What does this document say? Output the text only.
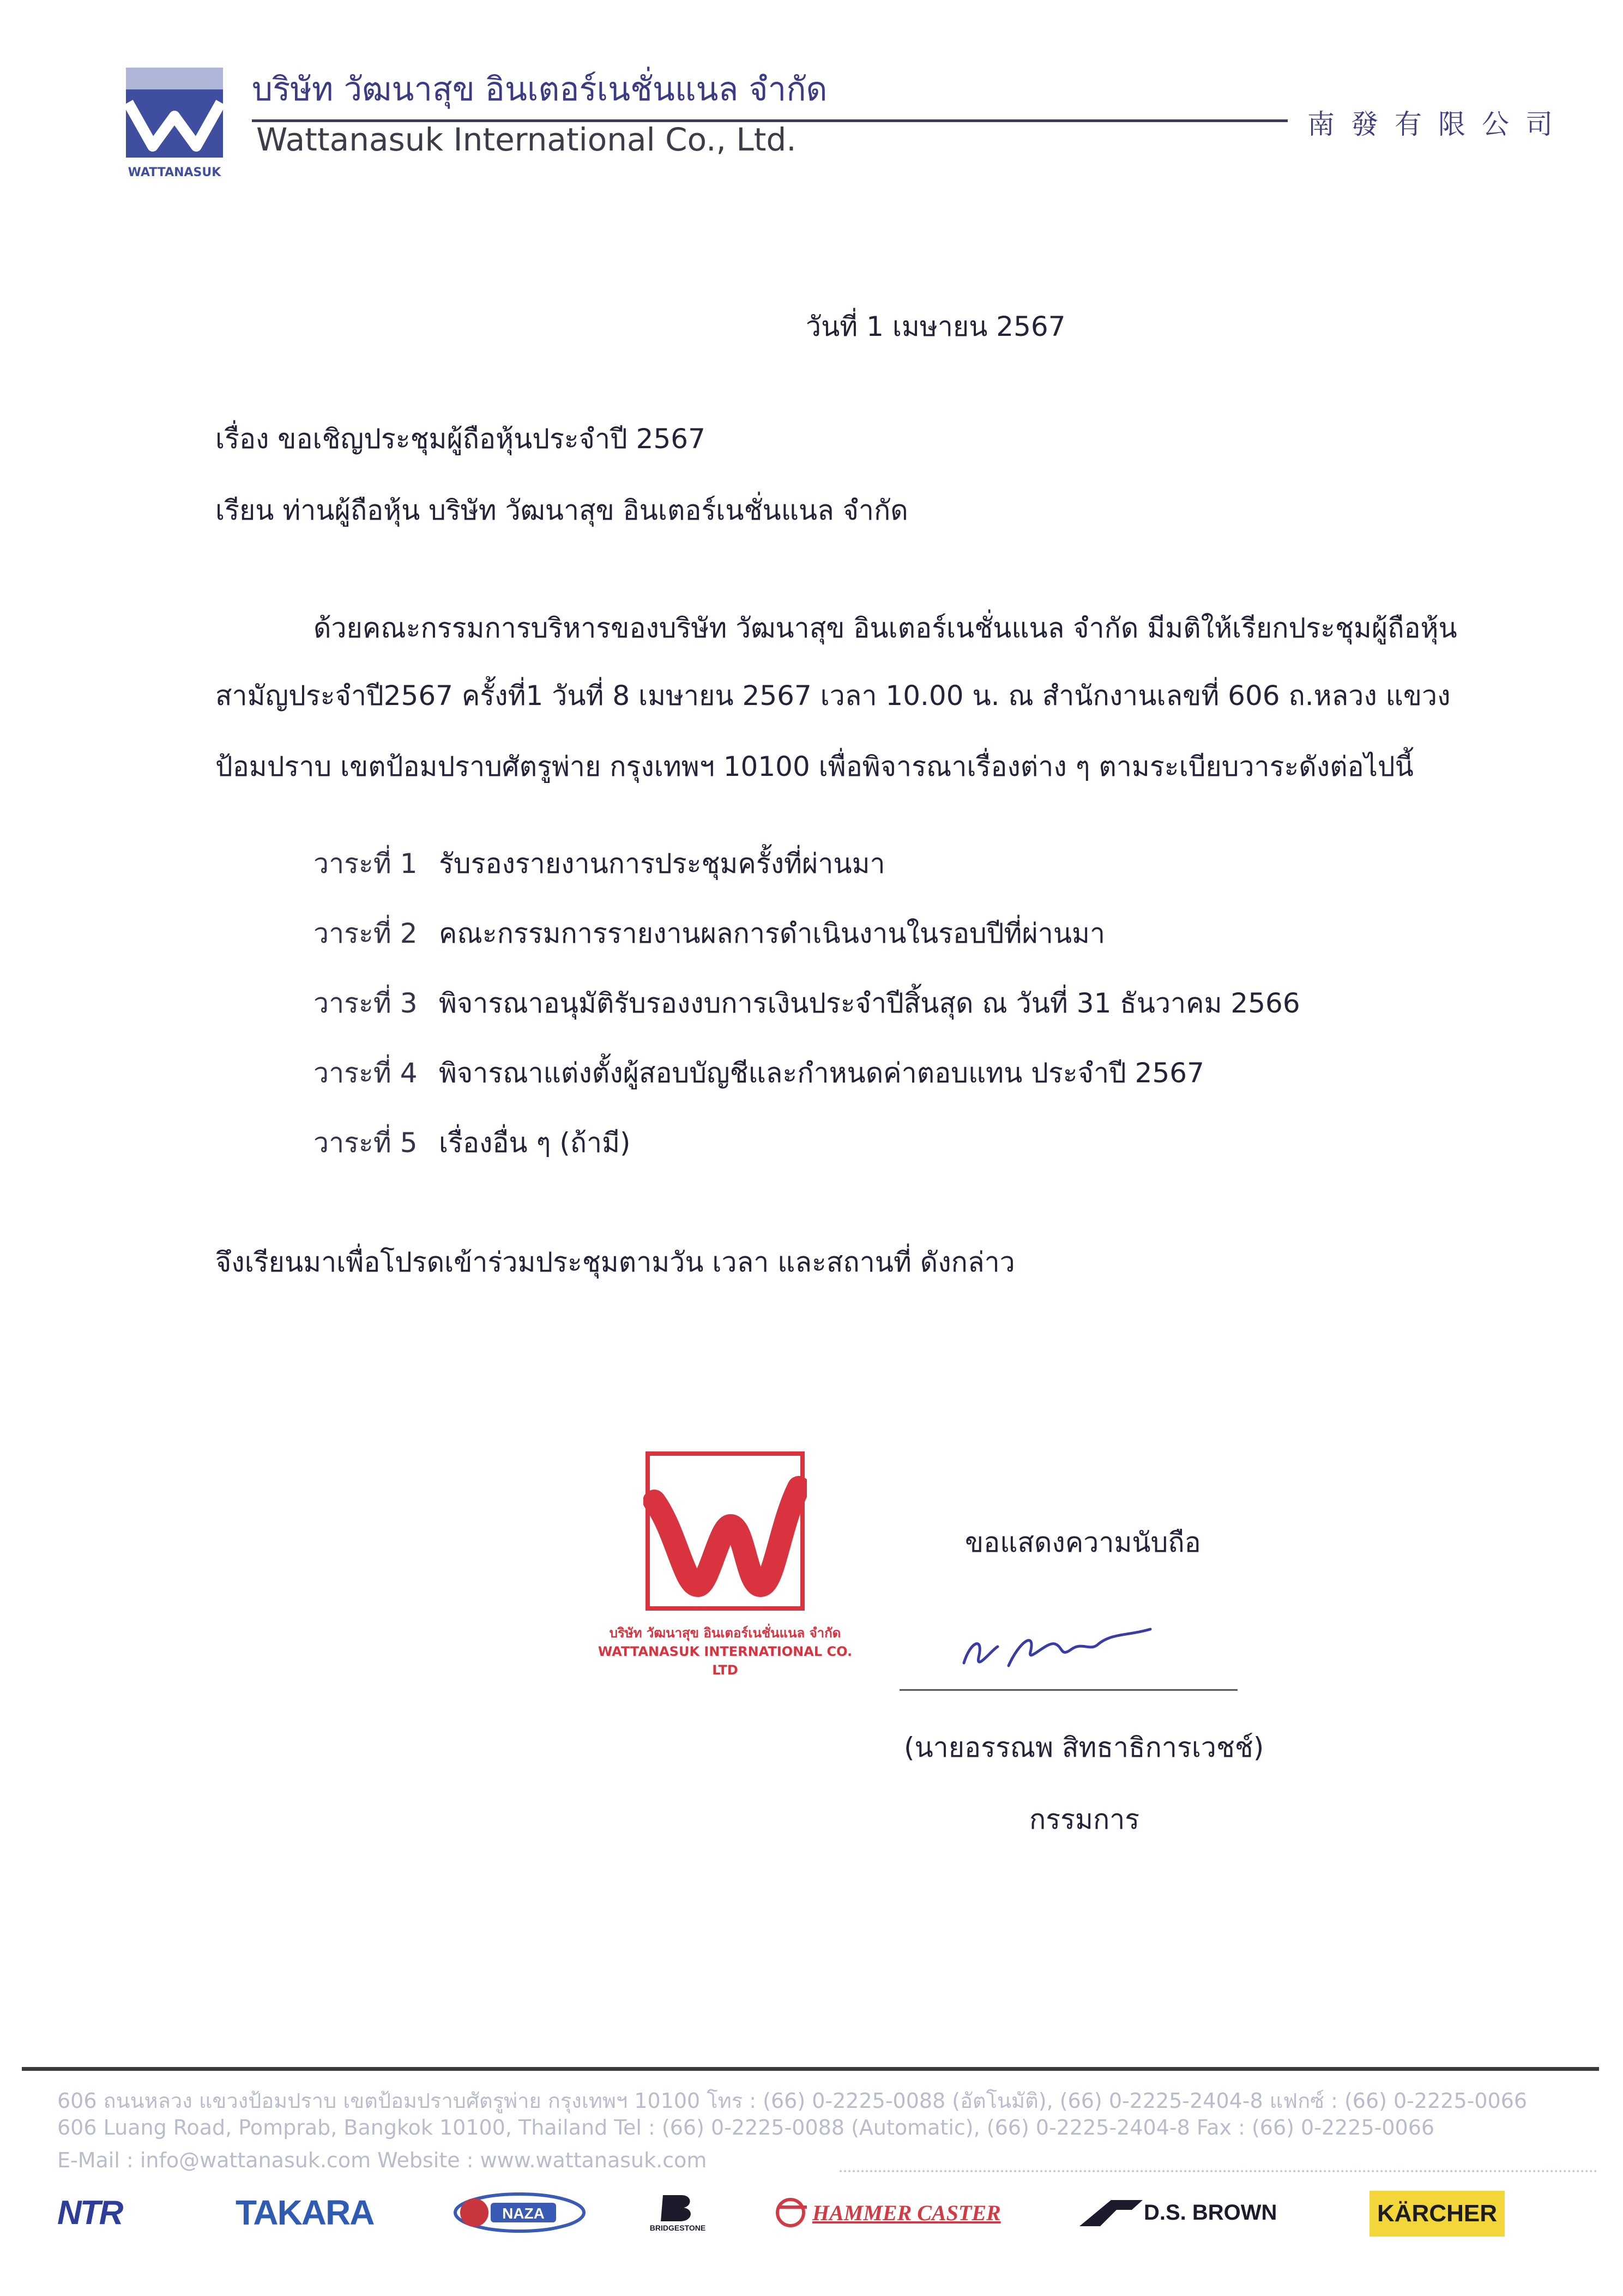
WATTANASUK
บริษัท วัฒนาสุข อินเตอร์เนชั่นแนล จำกัด
Wattanasuk International Co., Ltd.	南發有限公司
วันที่ 1 เมษายน 2567
เรื่อง ขอเชิญประชุมผู้ถือหุ้นประจำปี 2567
เรียน ท่านผู้ถือหุ้น บริษัท วัฒนาสุข อินเตอร์เนชั่นแนล จำกัด
ด้วยคณะกรรมการบริหารของบริษัท วัฒนาสุข อินเตอร์เนชั่นแนล จำกัด มีมติให้เรียกประชุมผู้ถือหุ้น
สามัญประจำปี2567 ครั้งที่1 วันที่ 8 เมษายน 2567 เวลา 10.00 น. ณ สำนักงานเลขที่ 606 ถ.หลวง แขวง
ป้อมปราบ เขตป้อมปราบศัตรูพ่าย กรุงเทพฯ 10100 เพื่อพิจารณาเรื่องต่าง ๆ ตามระเบียบวาระดังต่อไปนี้
วาระที่ 1 รับรองรายงานการประชุมครั้งที่ผ่านมา
วาระที่ 2 คณะกรรมการรายงานผลการดำเนินงานในรอบปีที่ผ่านมา
วาระที่ 3 พิจารณาอนุมัติรับรองงบการเงินประจำปีสิ้นสุด ณ วันที่ 31 ธันวาคม 2566
วาระที่ 4 พิจารณาแต่งตั้งผู้สอบบัญชีและกำหนดค่าตอบแทน ประจำปี 2567
วาระที่ 5 เรื่องอื่น ๆ (ถ้ามี)
จึงเรียนมาเพื่อโปรดเข้าร่วมประชุมตามวัน เวลา และสถานที่ ดังกล่าว
บริษัท วัฒนาสุข อินเตอร์เนชั่นแนล จำกัด
WATTANASUK INTERNATIONAL CO. LTD
ขอแสดงความนับถือ
(นายอรรณพ สิทธาธิการเวชช์)
กรรมการ
606 ถนนหลวง แขวงป้อมปราบ เขตป้อมปราบศัตรูพ่าย กรุงเทพฯ 10100 โทร : (66) 0-2225-0088 (อัตโนมัติ), (66) 0-2225-2404-8 แฟกซ์ : (66) 0-2225-0066
606 Luang Road, Pomprab, Bangkok 10100, Thailand Tel : (66) 0-2225-0088 (Automatic), (66) 0-2225-2404-8 Fax : (66) 0-2225-0066
E-Mail : info@wattanasuk.com Website : www.wattanasuk.com
NTR	TAKARA	NAZA
BRIDGESTONE
HAMMER CASTER	D.S. BROWN	KÄRCHER
